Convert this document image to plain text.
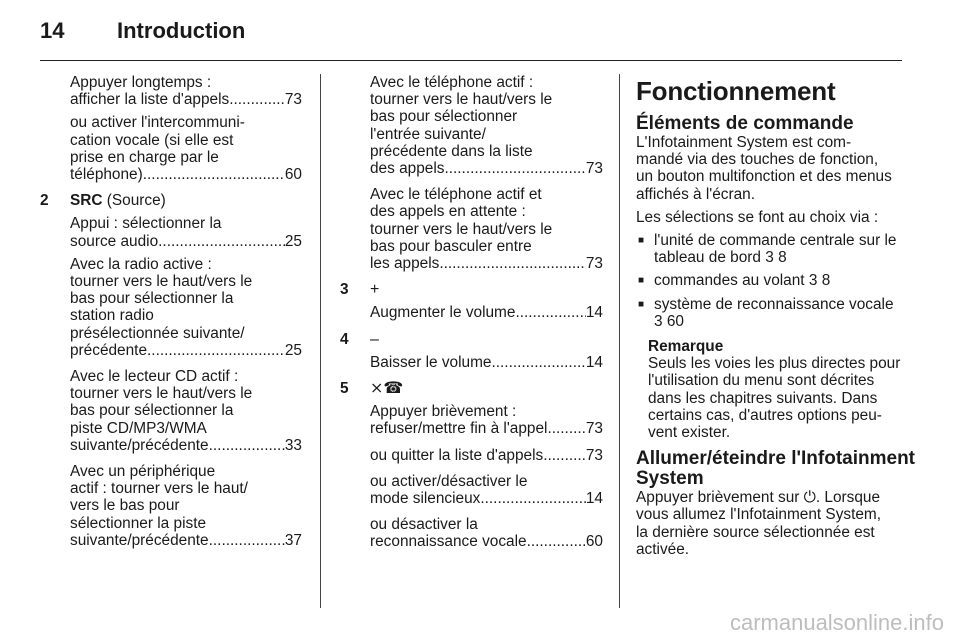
14 Introduction
Appuyer longtemps :
afficher la liste d'appels .....	73
ou activer l'intercommuni-
cation vocale (si elle est
prise en charge par le
téléphone) .....	60
2	SRC (Source)
Appui : sélectionner la
source audio .....	25
Avec la radio active :
tourner vers le haut/vers le
bas pour sélectionner la
station radio
présélectionnée suivante/
précédente .....	25
Avec le lecteur CD actif :
tourner vers le haut/vers le
bas pour sélectionner la
piste CD/MP3/WMA
suivante/précédente .....	33
Avec un périphérique
actif : tourner vers le haut/
vers le bas pour
sélectionner la piste
suivante/précédente .....	37
Avec le téléphone actif :
tourner vers le haut/vers le
bas pour sélectionner
l'entrée suivante/
précédente dans la liste
des appels .....	73
Avec le téléphone actif et
des appels en attente :
tourner vers le haut/vers le
bas pour basculer entre
les appels .....	73
3	+
Augmenter le volume .....	14
4	–
Baisser le volume .....	14
5	⨯☎
Appuyer brièvement :
refuser/mettre fin à l'appel ..... 73
ou quitter la liste d'appels .....	73
ou activer/désactiver le
mode silencieux .....	14
ou désactiver la
reconnaissance vocale .....	60
Fonctionnement
Éléments de commande
L'Infotainment System est com-
mandé via des touches de fonction,
un bouton multifonction et des menus
affichés à l'écran.
Les sélections se font au choix via :
■ l'unité de commande centrale sur le
tableau de bord 3 8
■ commandes au volant 3 8
■ système de reconnaissance vocale
3 60
Remarque
Seuls les voies les plus directes pour
l'utilisation du menu sont décrites
dans les chapitres suivants. Dans
certains cas, d'autres options peu-
vent exister.
Allumer/éteindre l'Infotainment
System
Appuyer brièvement sur ⏻. Lorsque
vous allumez l'Infotainment System,
la dernière source sélectionnée est
activée.
carmanualsonline.info
